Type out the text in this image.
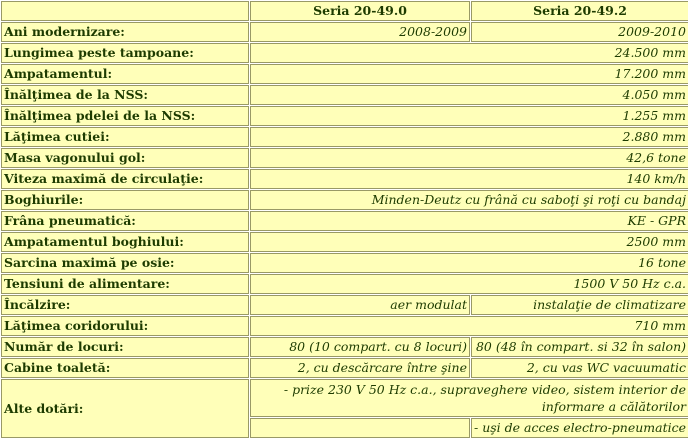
	Seria 20-49.0	Seria 20-49.2
Ani modernizare:	2008-2009	2009-2010
Lungimea peste tampoane:	24.500 mm	
Ampatamentul:	17.200 mm	
Înălţimea de la NSS:	4.050 mm	
Înălţimea pdelei de la NSS:	1.255 mm	
Lăţimea cutiei:	2.880 mm	
Masa vagonului gol:	42,6 tone	
Viteza maximă de circulaţie:	140 km/h	
Boghiurile:	Minden-Deutz cu frână cu saboţi şi roţi cu bandaj	
Frâna pneumatică:	KE - GPR	
Ampatamentul boghiului:	2500 mm	
Sarcina maximă pe osie:	16 tone	
Tensiuni de alimentare:	1500 V 50 Hz c.a.	
Încălzire:	aer modulat	instalaţie de climatizare
Lăţimea coridorului:	710 mm	
Număr de locuri:	80 (10 compart. cu 8 locuri)	80 (48 în compart. si 32 în salon)
Cabine toaletă:	2, cu descărcare între şine	2, cu vas WC vacuumatic
Alte dotări:	- prize 230 V 50 Hz c.a., supraveghere video, sistem interior de informare a călătorilor	
		- uşi de acces electro-pneumatice
